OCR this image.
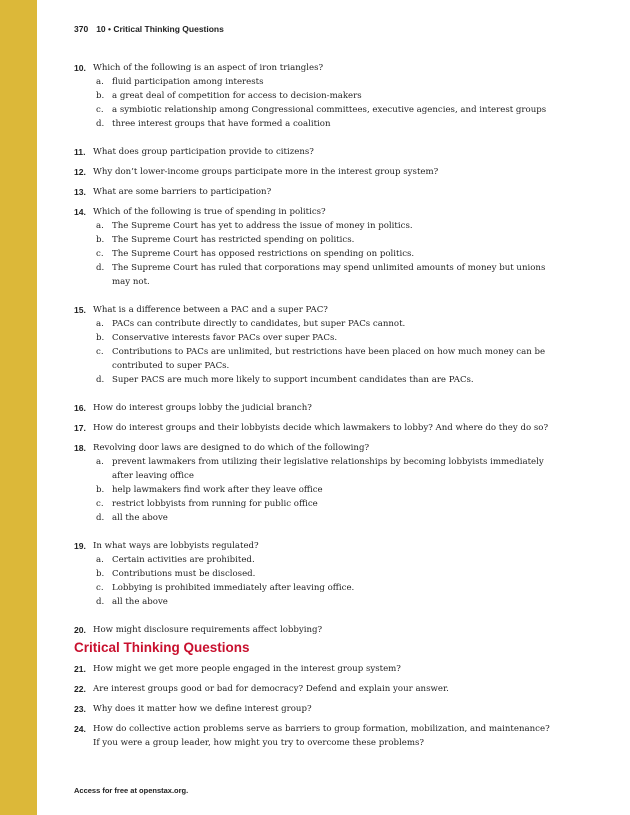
370 10 • Critical Thinking Questions
10. Which of the following is an aspect of iron triangles?
a. fluid participation among interests
b. a great deal of competition for access to decision-makers
c. a symbiotic relationship among Congressional committees, executive agencies, and interest groups
d. three interest groups that have formed a coalition
11. What does group participation provide to citizens?
12. Why don’t lower-income groups participate more in the interest group system?
13. What are some barriers to participation?
14. Which of the following is true of spending in politics?
a. The Supreme Court has yet to address the issue of money in politics.
b. The Supreme Court has restricted spending on politics.
c. The Supreme Court has opposed restrictions on spending on politics.
d. The Supreme Court has ruled that corporations may spend unlimited amounts of money but unions may not.
15. What is a difference between a PAC and a super PAC?
a. PACs can contribute directly to candidates, but super PACs cannot.
b. Conservative interests favor PACs over super PACs.
c. Contributions to PACs are unlimited, but restrictions have been placed on how much money can be contributed to super PACs.
d. Super PACS are much more likely to support incumbent candidates than are PACs.
16. How do interest groups lobby the judicial branch?
17. How do interest groups and their lobbyists decide which lawmakers to lobby? And where do they do so?
18. Revolving door laws are designed to do which of the following?
a. prevent lawmakers from utilizing their legislative relationships by becoming lobbyists immediately after leaving office
b. help lawmakers find work after they leave office
c. restrict lobbyists from running for public office
d. all the above
19. In what ways are lobbyists regulated?
a. Certain activities are prohibited.
b. Contributions must be disclosed.
c. Lobbying is prohibited immediately after leaving office.
d. all the above
20. How might disclosure requirements affect lobbying?
Critical Thinking Questions
21. How might we get more people engaged in the interest group system?
22. Are interest groups good or bad for democracy? Defend and explain your answer.
23. Why does it matter how we define interest group?
24. How do collective action problems serve as barriers to group formation, mobilization, and maintenance? If you were a group leader, how might you try to overcome these problems?
Access for free at openstax.org.
